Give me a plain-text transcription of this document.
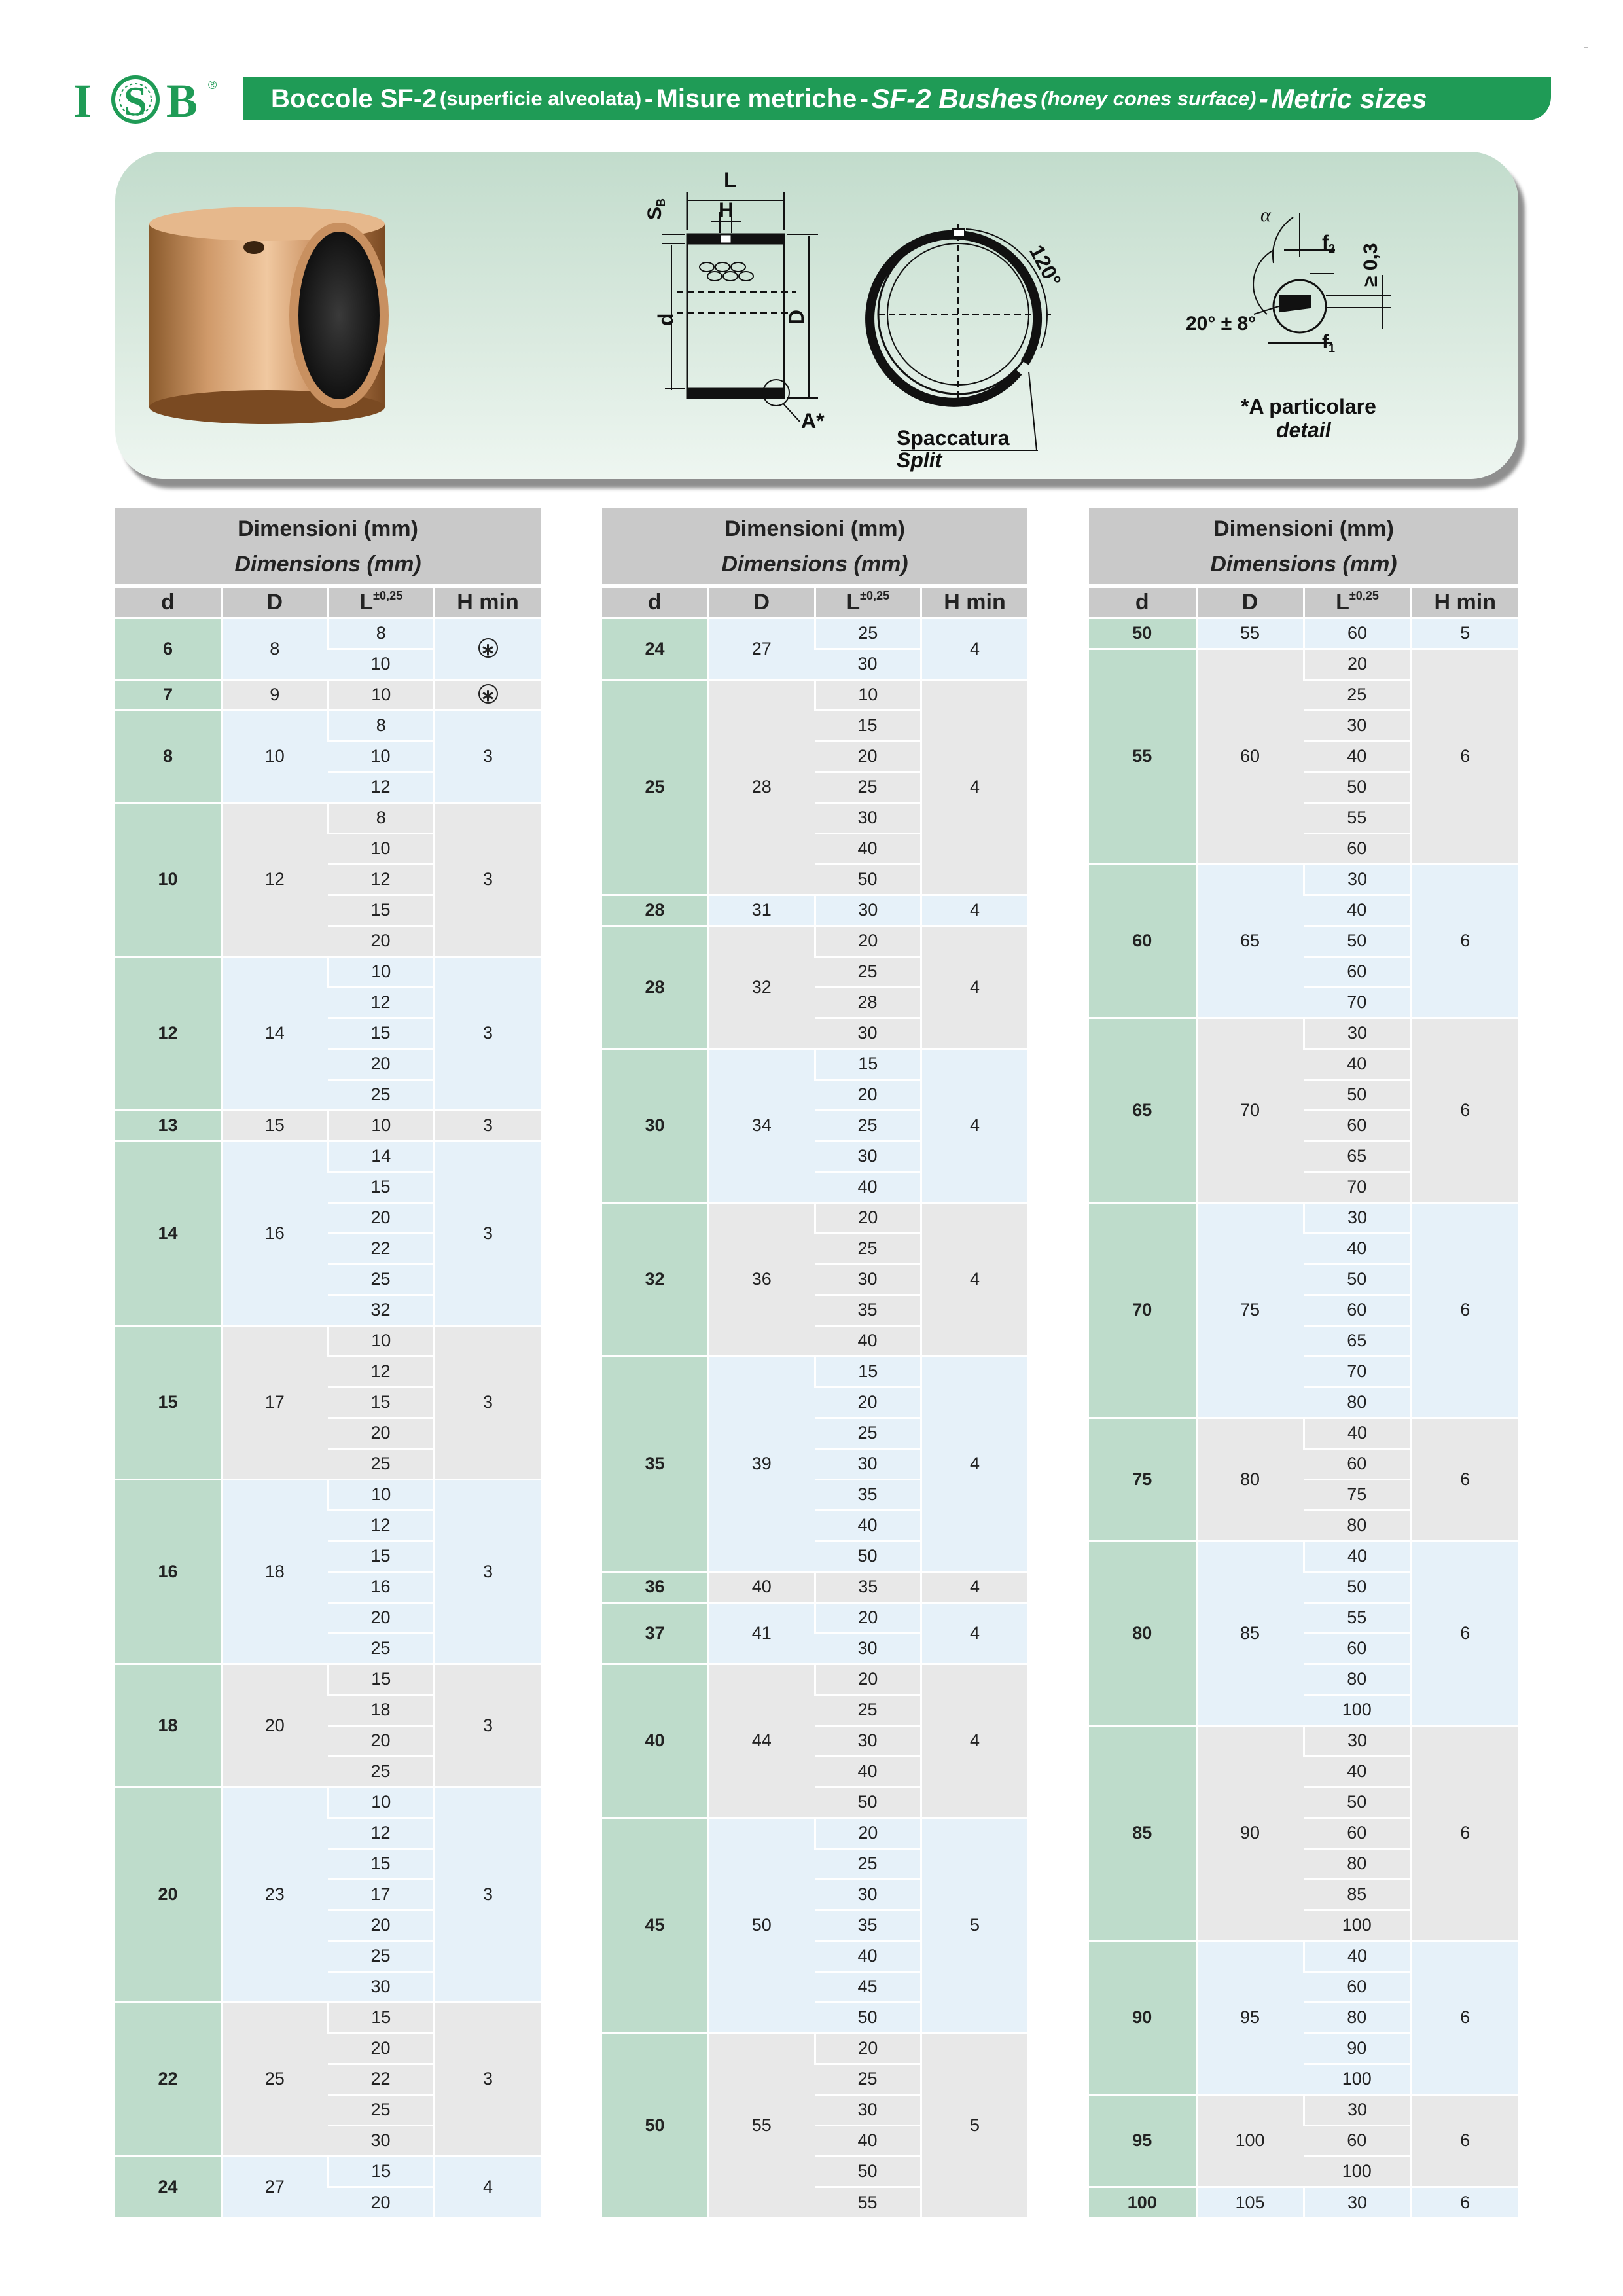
I S B ® Boccole SF-2
(superficie alveolata)
-
Misure metriche
-
SF-2 Bushes
(honey cones surface)
-
Metric sizes
L
H
$S_B$
d	D
A*
120°
Spaccatura
Split
α
$f_2$
$f_1$
≥ 0,3
20° ± 8°
*A particolare
detail
Dimensioni (mm)
Dimensions (mm)			
d	D	$L^{\pm 0,25}$	H min
6	8	8	∗
		10	
7	9	10	∗
8	10	8	3
		10	
		12	
10	12	8	3
		10	
		12	
		15	
		20	
12	14	10	3
		12	
		15	
		20	
		25	
13	15	10	3
14	16	14	3
		15	
		20	
		22	
		25	
		32	
15	17	10	3
		12	
		15	
		20	
		25	
16	18	10	3
		12	
		15	
		16	
		20	
		25	
18	20	15	3
		18	
		20	
		25	
20	23	10	3
		12	
		15	
		17	
		20	
		25	
		30	
22	25	15	3
		20	
		22	
		25	
		30	
24	27	15	4
		20	
Dimensioni (mm)
Dimensions (mm)			
d	D	$L^{\pm 0,25}$	H min
24	27	25	4
		30	
25	28	10	4
		15	
		20	
		25	
		30	
		40	
		50	
28	31	30	4
28	32	20	4
		25	
		28	
		30	
30	34	15	4
		20	
		25	
		30	
		40	
32	36	20	4
		25	
		30	
		35	
		40	
35	39	15	4
		20	
		25	
		30	
		35	
		40	
		50	
36	40	35	4
37	41	20	4
		30	
40	44	20	4
		25	
		30	
		40	
		50	
45	50	20	5
		25	
		30	
		35	
		40	
		45	
		50	
50	55	20	5
		25	
		30	
		40	
		50	
		55	
Dimensioni (mm)
Dimensions (mm)			
d	D	$L^{\pm 0,25}$	H min
50	55	60	5
55	60	20	6
		25	
		30	
		40	
		50	
		55	
		60	
60	65	30	6
		40	
		50	
		60	
		70	
65	70	30	6
		40	
		50	
		60	
		65	
		70	
70	75	30	6
		40	
		50	
		60	
		65	
		70	
		80	
75	80	40	6
		60	
		75	
		80	
80	85	40	6
		50	
		55	
		60	
		80	
		100	
85	90	30	6
		40	
		50	
		60	
		80	
		85	
		100	
90	95	40	6
		60	
		80	
		90	
		100	
95	100	30	6
		60	
		100	
100	105	30	6
